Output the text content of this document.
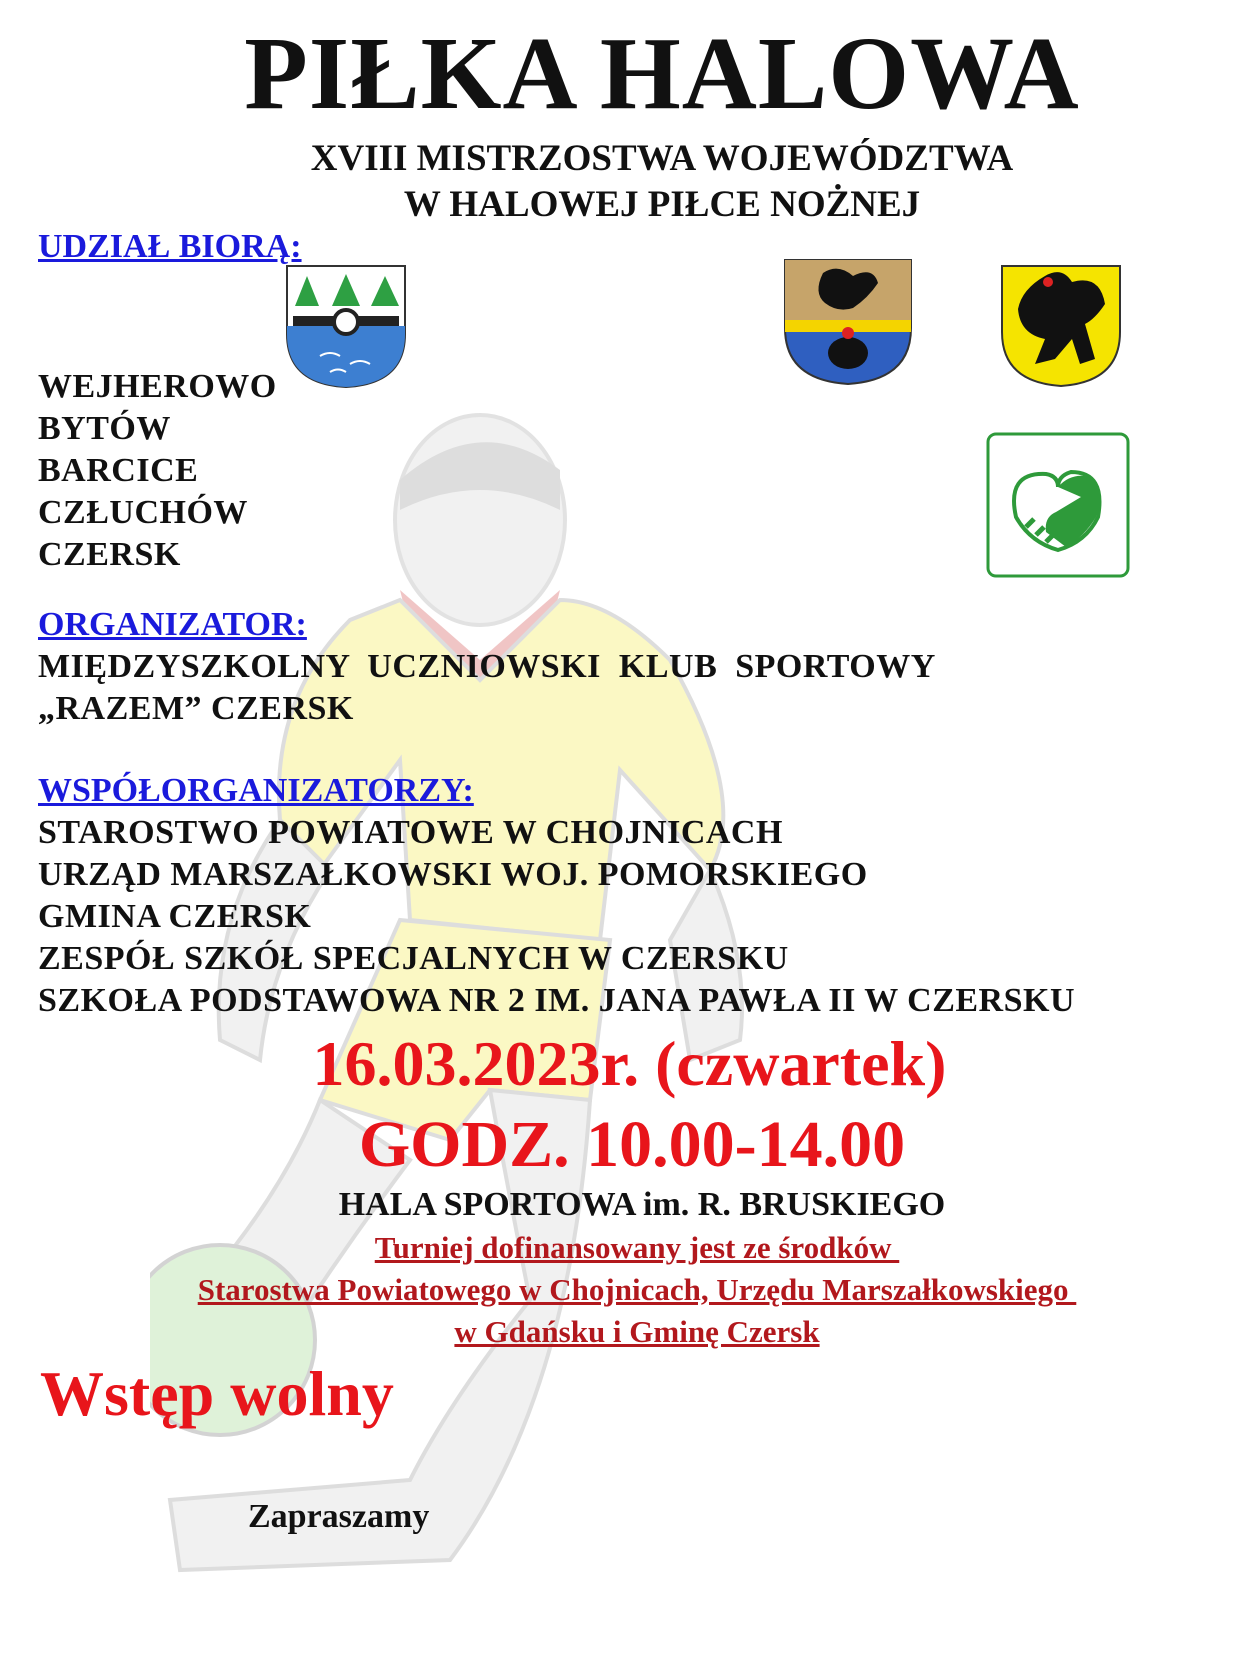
PIŁKA HALOWA
XVIII MISTRZOSTWA WOJEWÓDZTWA
W HALOWEJ PIŁCE NOŻNEJ
UDZIAŁ BIORĄ:
WEJHEROWO
BYTÓW
BARCICE
CZŁUCHÓW
CZERSK
ORGANIZATOR:
MIĘDZYSZKOLNY  UCZNIOWSKI  KLUB  SPORTOWY
„RAZEM” CZERSK
WSPÓŁORGANIZATORZY:
STAROSTWO POWIATOWE W CHOJNICACH
URZĄD MARSZAŁKOWSKI WOJ. POMORSKIEGO
GMINA CZERSK
ZESPÓŁ SZKÓŁ SPECJALNYCH W CZERSKU
SZKOŁA PODSTAWOWA NR 2 IM. JANA PAWŁA II W CZERSKU
16.03.2023r. (czwartek)
GODZ. 10.00-14.00
HALA SPORTOWA im. R. BRUSKIEGO
Turniej dofinansowany jest ze środków
Starostwa Powiatowego w Chojnicach, Urzędu Marszałkowskiego
w Gdańsku i Gminę Czersk
Wstęp wolny
Zapraszamy
